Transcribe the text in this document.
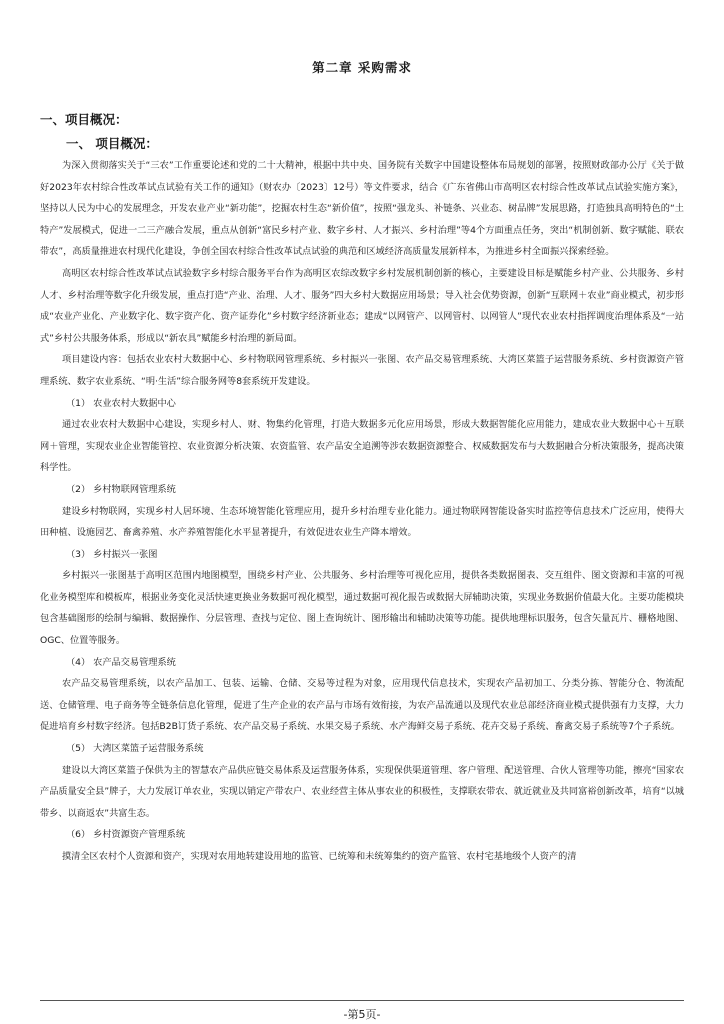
第二章 采购需求
一、项目概况：
一、 项目概况：

为深入贯彻落实关于“三农”工作重要论述和党的二十大精神，根据中共中央、国务院有关数字中国建设整体布局规划的部署，按照财政部办公厅《关于做好2023年农村综合性改革试点试验有关工作的通知》（财农办〔2023〕12号）等文件要求，结合《广东省佛山市高明区农村综合性改革试点试验实施方案》，坚持以人民为中心的发展理念，开发农业产业“新功能”，挖掘农村生态“新价值”，按照“强龙头、补链条、兴业态、树品牌”发展思路，打造独具高明特色的“土特产”发展模式，促进一二三产融合发展，重点从创新“富民乡村产业、数字乡村、人才振兴、乡村治理”等4个方面重点任务，突出“机制创新、数字赋能、联农带农”，高质量推进农村现代化建设，争创全国农村综合性改革试点试验的典范和区域经济高质量发展新样本，为推进乡村全面振兴探索经验。

高明区农村综合性改革试点试验数字乡村综合服务平台作为高明区农综改数字乡村发展机制创新的核心，主要建设目标是赋能乡村产业、公共服务、乡村人才、乡村治理等数字化升级发展，重点打造“产业、治理、人才、服务”四大乡村大数据应用场景；导入社会优势资源，创新“互联网＋农业”商业模式，初步形成“农业产业化、产业数字化、数字资产化、资产证券化”乡村数字经济新业态；建成“以网管产、以网管村、以网管人”现代农业农村指挥调度治理体系及“一站式”乡村公共服务体系，形成以“新农具”赋能乡村治理的新局面。

项目建设内容：包括农业农村大数据中心、乡村物联网管理系统、乡村振兴一张图、农产品交易管理系统、大湾区菜篮子运营服务系统、乡村资源资产管理系统、数字农业系统、“明·生活”综合服务网等8套系统开发建设。

（1） 农业农村大数据中心

通过农业农村大数据中心建设，实现乡村人、财、物集约化管理，打造大数据多元化应用场景，形成大数据智能化应用能力，建成农业大数据中心＋互联网＋管理，实现农业企业智能管控、农业资源分析决策、农资监管、农产品安全追溯等涉农数据资源整合、权威数据发布与大数据融合分析决策服务，提高决策科学性。

（2） 乡村物联网管理系统

建设乡村物联网，实现乡村人居环境、生态环境智能化管理应用，提升乡村治理专业化能力。通过物联网智能设备实时监控等信息技术广泛应用，使得大田种植、设施园艺、畜禽养殖、水产养殖智能化水平显著提升，有效促进农业生产降本增效。

（3） 乡村振兴一张图

乡村振兴一张图基于高明区范围内地图模型，围绕乡村产业、公共服务、乡村治理等可视化应用，提供各类数据图表、交互组件、图文资源和丰富的可视化业务模型库和模板库，根据业务变化灵活快速更换业务数据可视化模型，通过数据可视化报告或数据大屏辅助决策，实现业务数据价值最大化。主要功能模块包含基础图形的绘制与编辑、数据操作、分层管理、查找与定位、图上查询统计、图形输出和辅助决策等功能。提供地理标识服务，包含矢量瓦片、栅格地图、OGC、位置等服务。

（4） 农产品交易管理系统

农产品交易管理系统，以农产品加工、包装、运输、仓储、交易等过程为对象，应用现代信息技术，实现农产品初加工、分类分拣、智能分仓、物流配送、仓储管理、电子商务等全链条信息化管理，促进了生产企业的农产品与市场有效衔接，为农产品流通以及现代农业总部经济商业模式提供强有力支撑，大力促进培育乡村数字经济。包括B2B订货子系统、农产品交易子系统、水果交易子系统、水产海鲜交易子系统、花卉交易子系统、畜禽交易子系统等7个子系统。

（5） 大湾区菜篮子运营服务系统

建设以大湾区菜篮子保供为主的智慧农产品供应链交易体系及运营服务体系，实现保供渠道管理、客户管理、配送管理、合伙人管理等功能，擦亮“国家农产品质量安全县”牌子，大力发展订单农业，实现以销定产带农户、农业经营主体从事农业的积极性，支撑联农带农、就近就业及共同富裕创新改革，培育“以城带乡、以商返农”共富生态。

（6） 乡村资源资产管理系统

摸清全区农村个人资源和资产，实现对农用地转建设用地的监管、已统筹和未统筹集约的资产监管、农村宅基地级个人资产的清

-第5页-
